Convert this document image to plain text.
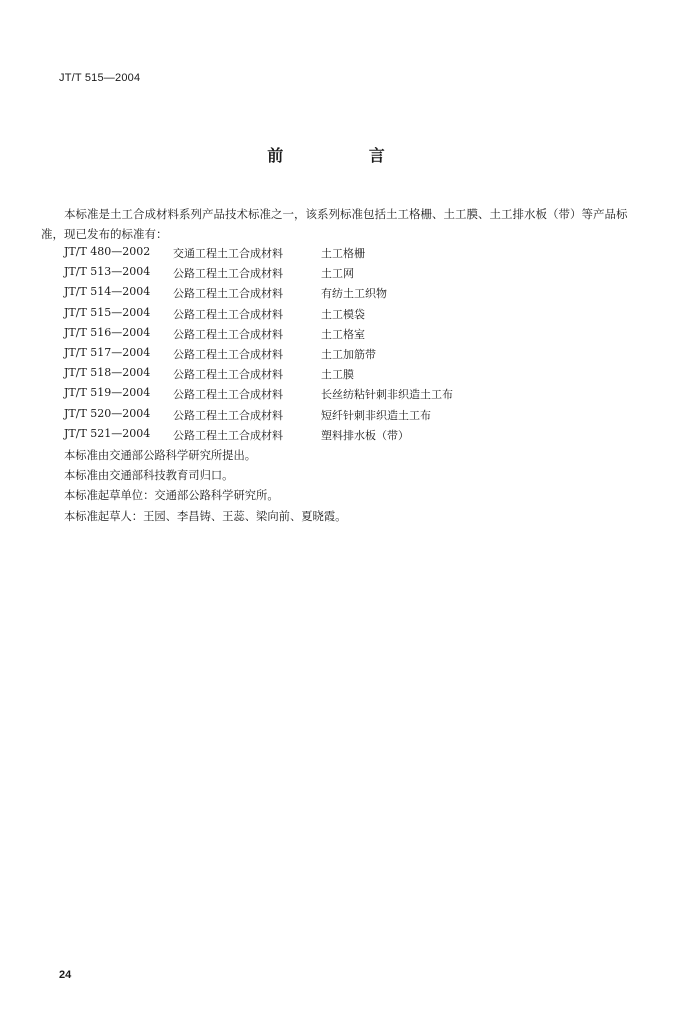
JT/T 515—2004
前 言
本标准是土工合成材料系列产品技术标准之一，该系列标准包括土工格栅、土工膜、土工排水板（带）等产品标准，现已发布的标准有：
JT/T 480—2002	交通工程土工合成材料	土工格栅
JT/T 513—2004	公路工程土工合成材料	土工网
JT/T 514—2004	公路工程土工合成材料	有纺土工织物
JT/T 515—2004	公路工程土工合成材料	土工模袋
JT/T 516—2004	公路工程土工合成材料	土工格室
JT/T 517—2004	公路工程土工合成材料	土工加筋带
JT/T 518—2004	公路工程土工合成材料	土工膜
JT/T 519—2004	公路工程土工合成材料	长丝纺粘针刺非织造土工布
JT/T 520—2004	公路工程土工合成材料	短纤针刺非织造土工布
JT/T 521—2004	公路工程土工合成材料	塑料排水板（带）
本标准由交通部公路科学研究所提出。
本标准由交通部科技教育司归口。
本标准起草单位：交通部公路科学研究所。
本标准起草人：王园、李昌铸、王蕊、梁向前、夏晓霞。
24
